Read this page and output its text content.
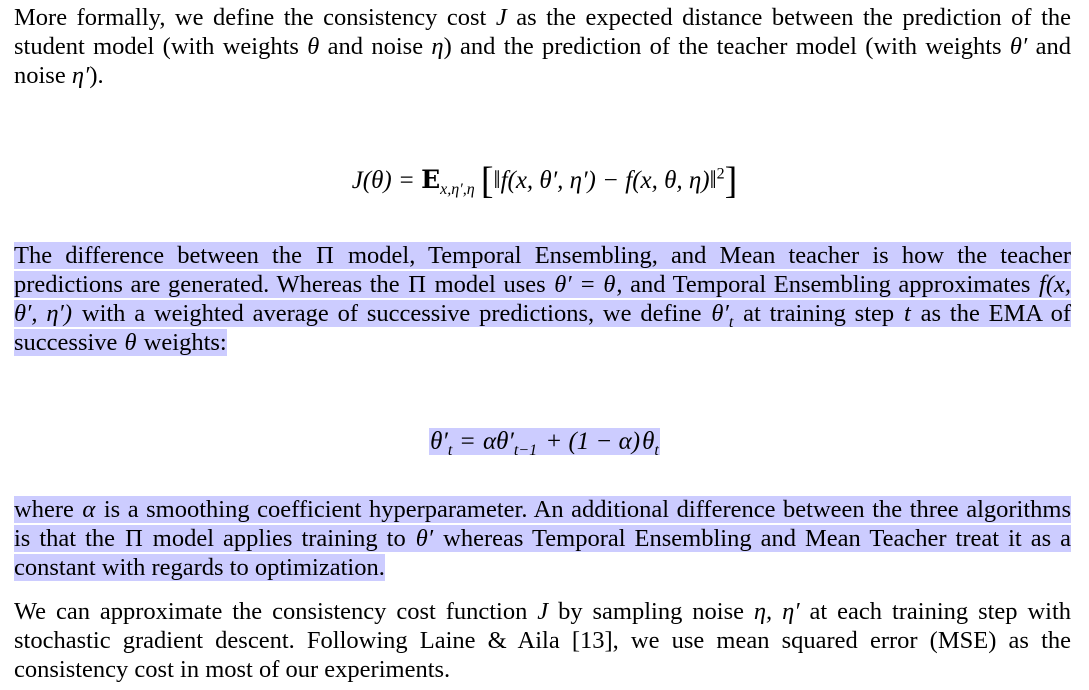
More formally, we define the consistency cost J as the expected distance between the prediction of the student model (with weights θ and noise η) and the prediction of the teacher model (with weights θ′ and noise η′).
$J(\theta) = E_{x,\eta',\eta}$ [‖f(x, θ′, η′) − f(x, θ, η)‖$^2$]
The difference between the Π model, Temporal Ensembling, and Mean teacher is how the teacher predictions are generated. Whereas the Π model uses θ′ = θ, and Temporal Ensembling approximates f(x, θ′, η′) with a weighted average of successive predictions, we define $\theta'_t$ at training step t as the EMA of successive θ weights:
$\theta'_t = \alpha\theta'_{t-1} + (1 - \alpha)\theta_t$
where α is a smoothing coefficient hyperparameter. An additional difference between the three algorithms is that the Π model applies training to θ′ whereas Temporal Ensembling and Mean Teacher treat it as a constant with regards to optimization.
We can approximate the consistency cost function J by sampling noise η, η′ at each training step with stochastic gradient descent. Following Laine & Aila [13], we use mean squared error (MSE) as the consistency cost in most of our experiments.
